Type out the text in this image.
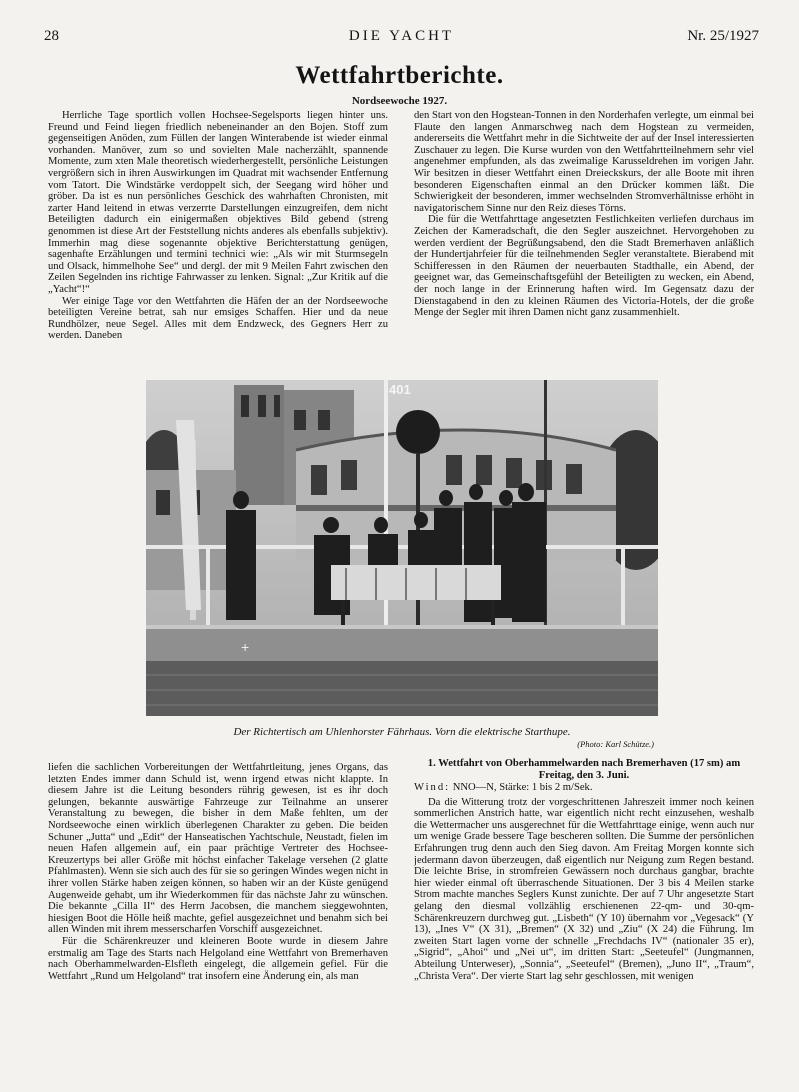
28	DIE YACHT	Nr. 25/1927
Wettfahrtberichte.
Nordseewoche 1927.

Herrliche Tage sportlich vollen Hochsee-Segelsports liegen hinter uns. Freund und Feind liegen friedlich nebeneinander an den Bojen. Stoff zum gegenseitigen Anöden, zum Füllen der langen Winterabende ist wieder einmal vorhanden. Manöver, zum so und sovielten Male nacherzählt, spannende Momente, zum xten Male theoretisch wiederhergestellt, persönliche Leistungen vergrößern sich in ihren Auswirkungen im Quadrat mit wachsender Entfernung vom Tatort. Die Windstärke verdoppelt sich, der Seegang wird höher und gröber. Da ist es nun persönliches Geschick des wahrhaften Chronisten, mit zarter Hand leitend in etwas verzerrte Darstellungen einzugreifen, dem nicht Beteiligten dadurch ein einigermaßen objektives Bild gebend (streng genommen ist diese Art der Feststellung nichts anderes als ebenfalls subjektiv). Immerhin mag diese sogenannte objektive Berichterstattung genügen, sagenhafte Erzählungen und termini technici wie: „Als wir mit Sturmsegeln und Olsack, himmelhohe See“ und dergl. der mit 9 Meilen Fahrt zwischen den Zeilen Segelnden ins richtige Fahrwasser zu lenken. Signal: „Zur Kritik auf die „Yacht“!“

Wer einige Tage vor den Wettfahrten die Häfen der an der Nordseewoche beteiligten Vereine betrat, sah nur emsiges Schaffen. Hier und da neue Rundhölzer, neue Segel. Alles mit dem Endzweck, des Gegners Herr zu werden. Daneben

den Start von den Hogstean-Tonnen in den Norderhafen verlegte, um einmal bei Flaute den langen Anmarschweg nach dem Hogstean zu vermeiden, andererseits die Wettfahrt mehr in die Sichtweite der auf der Insel interessierten Zuschauer zu legen. Die Kurse wurden von den Wettfahrtteilnehmern sehr viel angenehmer empfunden, als das zweimalige Karusseldrehen im vorigen Jahr. Wir besitzen in dieser Wettfahrt einen Dreieckskurs, der alle Boote mit ihren besonderen Eigenschaften einmal an den Drücker kommen läßt. Die Schwierigkeit der besonderen, immer wechselnden Stromverhältnisse erhöht in navigatorischem Sinne nur den Reiz dieses Törns.

Die für die Wettfahrttage angesetzten Festlichkeiten verliefen durchaus im Zeichen der Kameradschaft, die den Segler auszeichnet. Hervorgehoben zu werden verdient der Begrüßungsabend, den die Stadt Bremerhaven anläßlich der Hundertjahrfeier für die teilnehmenden Segler veranstaltete. Bierabend mit Schifferessen in den Räumen der neuerbauten Stadthalle, ein Abend, der geeignet war, das Gemeinschaftsgefühl der Beteiligten zu wecken, ein Abend, der noch lange in der Erinnerung haften wird. Im Gegensatz dazu der Dienstagabend in den zu kleinen Räumen des Victoria-Hotels, der die große Menge der Segler mit ihren Damen nicht ganz zusammenhielt.

401
+
Der Richtertisch am Uhlenhorster Fährhaus. Vorn die elektrische Starthupe.
(Photo: Karl Schütze.)

liefen die sachlichen Vorbereitungen der Wettfahrtleitung, jenes Organs, das letzten Endes immer dann Schuld ist, wenn irgend etwas nicht klappte. In diesem Jahre ist die Leitung besonders rührig gewesen, ist es ihr doch gelungen, bekannte auswärtige Fahrzeuge zur Teilnahme an unserer Veranstaltung zu bewegen, die bisher in dem Maße fehlten, um der Nordseewoche einen wirklich überlegenen Charakter zu geben. Die beiden Schuner „Jutta“ und „Edit“ der Hanseatischen Yachtschule, Neustadt, fielen im neuen Hafen allgemein auf, ein paar prächtige Vertreter des Hochsee-Kreuzertyps bei aller Größe mit höchst einfacher Takelage versehen (2 glatte Pfahlmasten). Wenn sie sich auch des für sie so geringen Windes wegen nicht in ihrer vollen Stärke haben zeigen können, so haben wir an der Küste genügend Augenweide gehabt, um ihr Wiederkommen für das nächste Jahr zu wünschen. Die bekannte „Cilla II“ des Herrn Jacobsen, die manchem sieggewohnten, hiesigen Boot die Hölle heiß machte, gefiel ausgezeichnet und benahm sich bei allen Winden mit ihrem messerscharfen Vorschiff ausgezeichnet.

Für die Schärenkreuzer und kleineren Boote wurde in diesem Jahre erstmalig am Tage des Starts nach Helgoland eine Wettfahrt von Bremerhaven nach Oberhammelwarden-Elsfleth eingelegt, die allgemein gefiel. Für die Wettfahrt „Rund um Helgoland“ trat insofern eine Änderung ein, als man

1. Wettfahrt von Oberhammelwarden nach Bremerhaven (17 sm) am Freitag, den 3. Juni.

Wind: NNO—N, Stärke: 1 bis 2 m/Sek.

Da die Witterung trotz der vorgeschrittenen Jahreszeit immer noch keinen sommerlichen Anstrich hatte, war eigentlich nicht recht einzusehen, weshalb die Wettermacher uns ausgerechnet für die Wettfahrttage einige, wenn auch nur um wenige Grade bessere Tage bescheren sollten. Die Summe der persönlichen Erfahrungen trug denn auch den Sieg davon. Am Freitag Morgen konnte sich jedermann davon überzeugen, daß eigentlich nur Neigung zum Regen bestand. Die leichte Brise, in stromfreien Gewässern noch durchaus gangbar, brachte hier wieder einmal oft überraschende Situationen. Der 3 bis 4 Meilen starke Strom machte manches Seglers Kunst zunichte. Der auf 7 Uhr angesetzte Start gelang den diesmal vollzählig erschienenen 22-qm- und 30-qm-Schärenkreuzern durchweg gut. „Lisbeth“ (Y 10) übernahm vor „Vegesack“ (Y 13), „Ines V“ (X 31), „Bremen“ (X 32) und „Ziu“ (X 24) die Führung. Im zweiten Start lagen vorne der schnelle „Frechdachs IV“ (nationaler 35 er), „Sigrid“, „Ahoi“ und „Nei ut“, im dritten Start: „Seeteufel“ (Jungmannen, Abteilung Unterweser), „Sonnia“, „Seeteufel“ (Bremen), „Juno II“, „Traum“, „Christa Vera“. Der vierte Start lag sehr geschlossen, mit wenigen
